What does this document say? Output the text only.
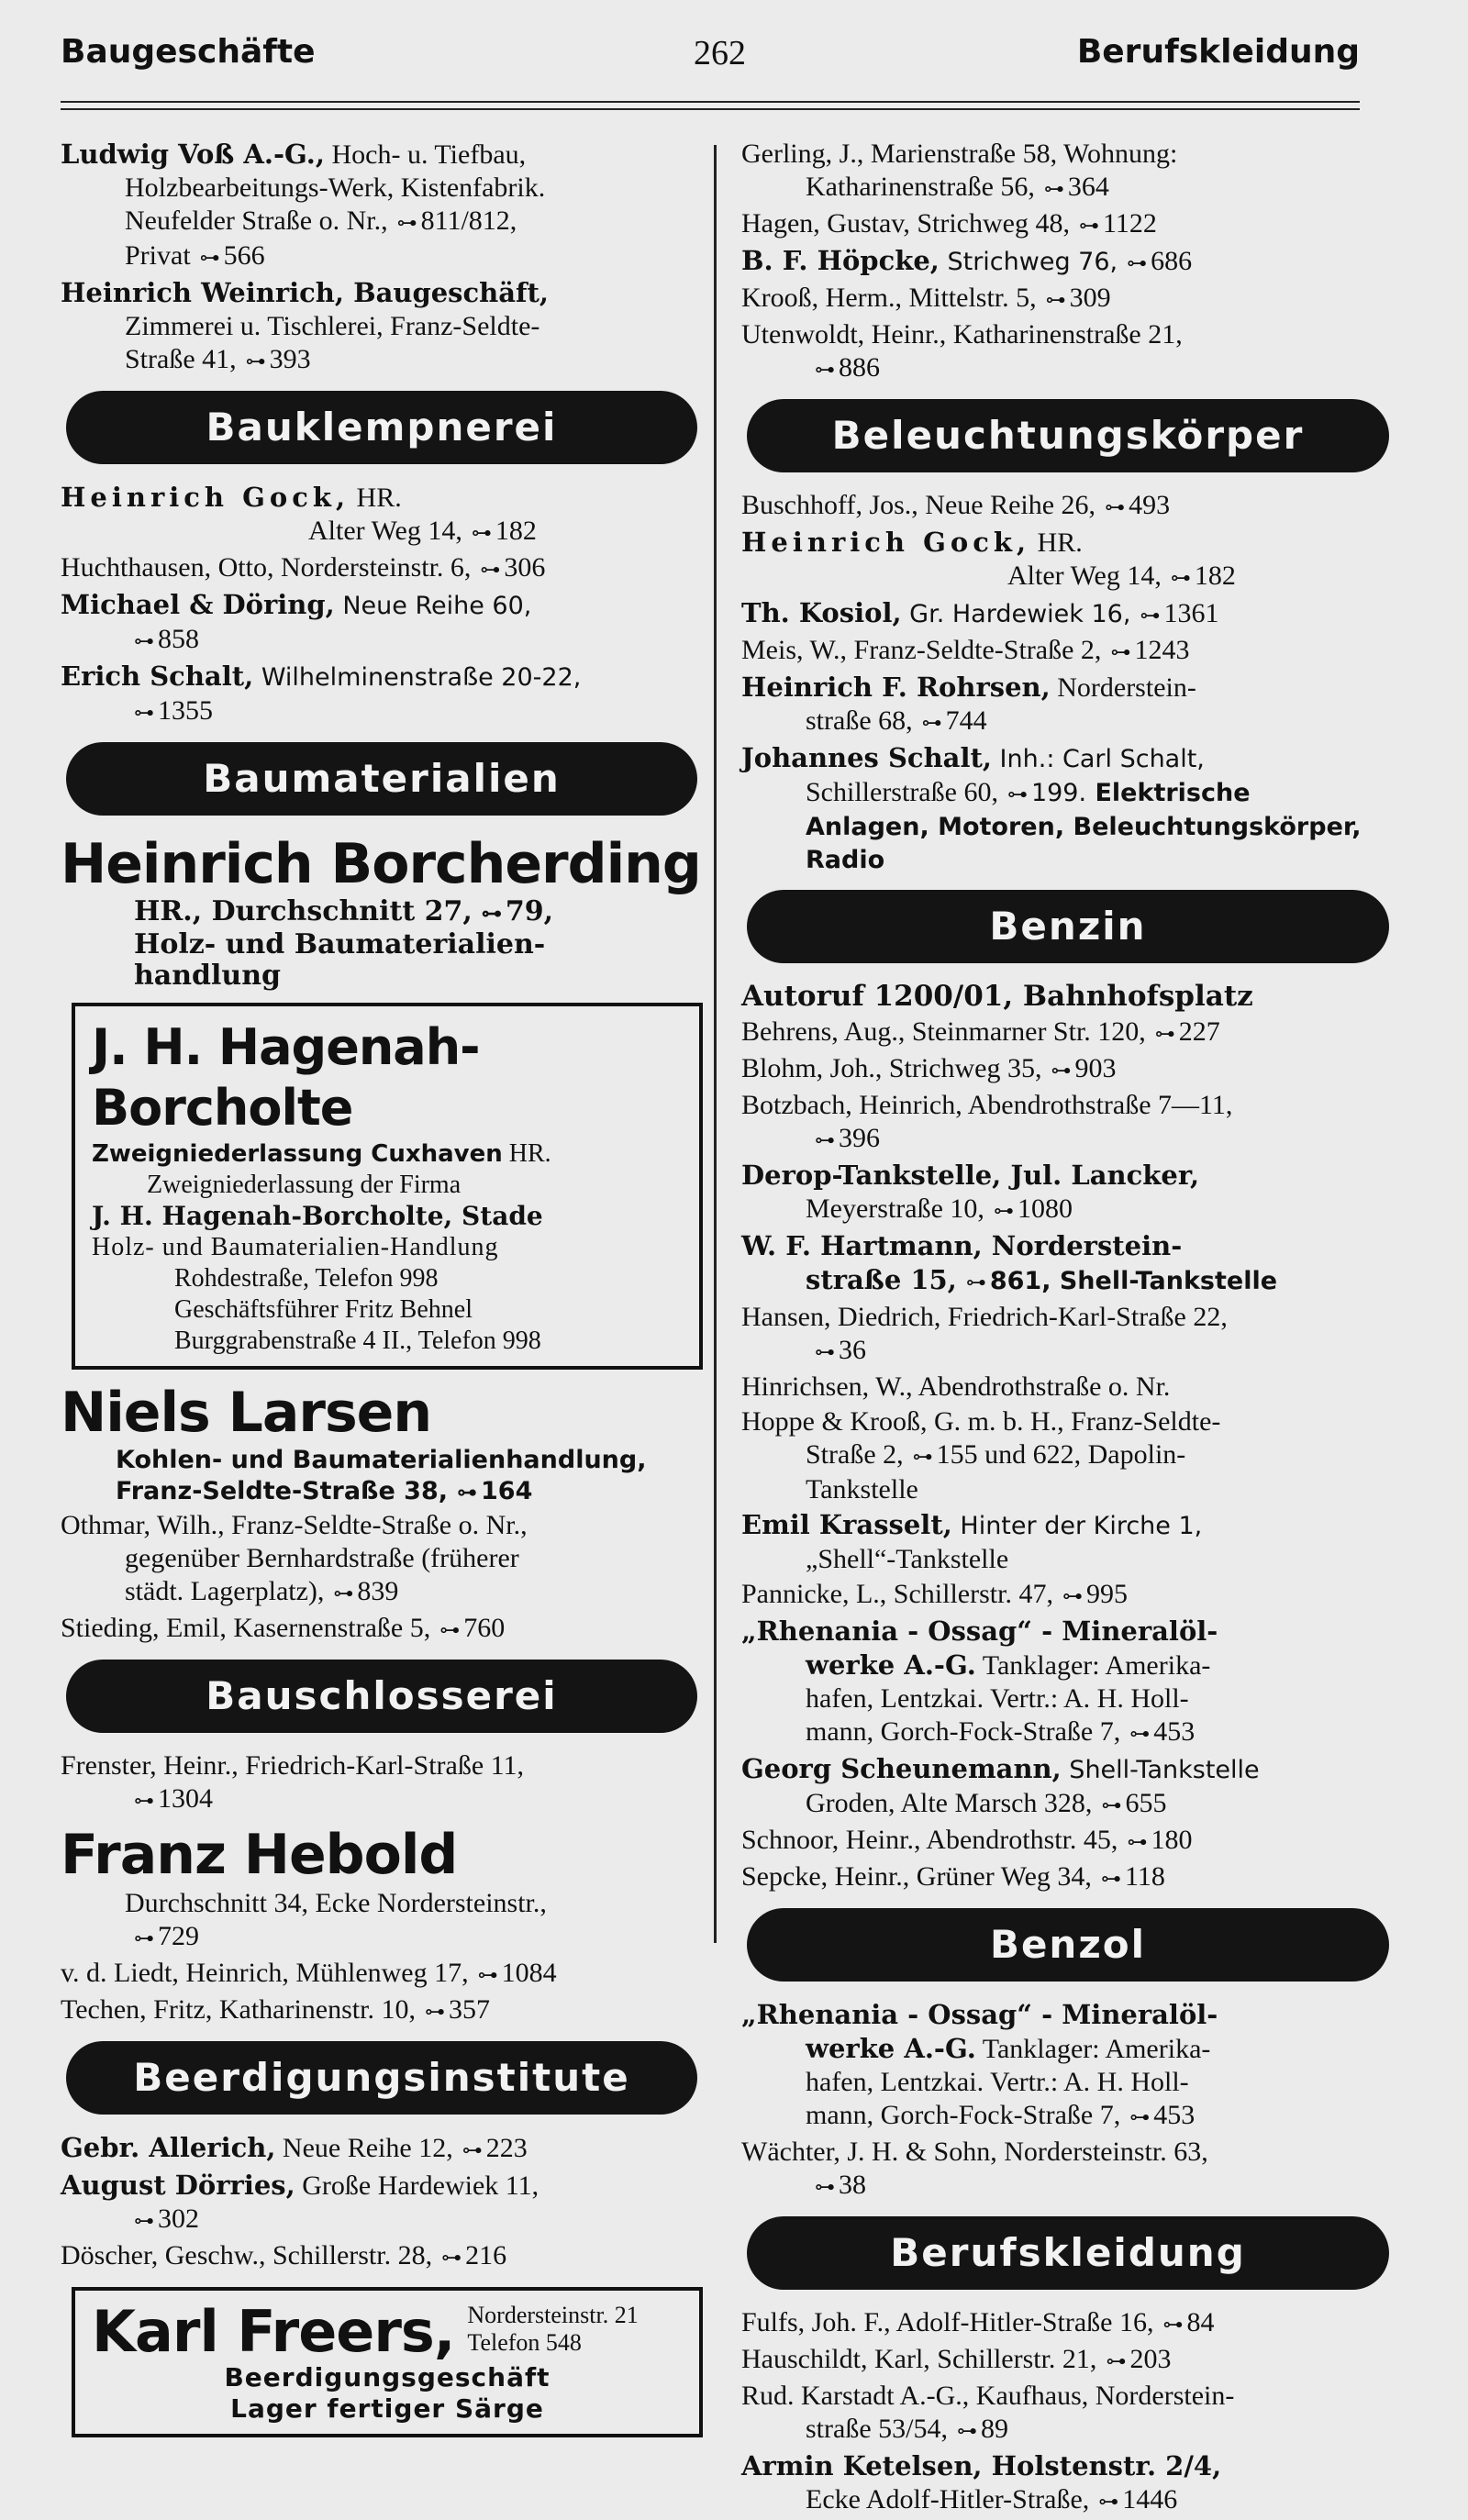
Baugeschäfte	262	Berufskleidung
Ludwig Voß A.-G., Hoch- u. Tiefbau,
Holzbearbeitungs-Werk, Kistenfabrik.
Neufelder Straße o. Nr., ⊶ 811/812,
Privat ⊶ 566
Heinrich Weinrich, Baugeschäft,
Zimmerei u. Tischlerei, Franz-Seldte-
Straße 41, ⊶ 393
Bauklempnerei
Heinrich Gock, HR.
Alter Weg 14, ⊶ 182
Huchthausen, Otto, Nordersteinstr. 6, ⊶ 306
Michael & Döring, Neue Reihe 60,
⊶ 858
Erich Schalt, Wilhelminenstraße 20-22,
⊶ 1355
Baumaterialien
Heinrich Borcherding
HR., Durchschnitt 27, ⊶ 79,
Holz- und Baumaterialien-
handlung
J. H. Hagenah-Borcholte
Zweigniederlassung Cuxhaven HR.
Zweigniederlassung der Firma
J. H. Hagenah-Borcholte, Stade
Holz- und Baumaterialien-Handlung
Rohdestraße, Telefon 998
Geschäftsführer Fritz Behnel
Burggrabenstraße 4 II., Telefon 998
Niels Larsen
Kohlen- und Baumaterialienhandlung,
Franz-Seldte-Straße 38, ⊶ 164
Othmar, Wilh., Franz-Seldte-Straße o. Nr.,
gegenüber Bernhardstraße (früherer
städt. Lagerplatz), ⊶ 839
Stieding, Emil, Kasernenstraße 5, ⊶ 760
Bauschlosserei
Frenster, Heinr., Friedrich-Karl-Straße 11,
⊶ 1304
Franz Hebold
Durchschnitt 34, Ecke Nordersteinstr.,
⊶ 729
v. d. Liedt, Heinrich, Mühlenweg 17, ⊶ 1084
Techen, Fritz, Katharinenstr. 10, ⊶ 357
Beerdigungsinstitute
Gebr. Allerich, Neue Reihe 12, ⊶ 223
August Dörries, Große Hardewiek 11,
⊶ 302
Döscher, Geschw., Schillerstr. 28, ⊶ 216
Karl Freers, Nordersteinstr. 21
Telefon 548
Beerdigungsgeschäft
Lager fertiger Särge
Gerling, J., Marienstraße 58, Wohnung:
Katharinenstraße 56, ⊶ 364
Hagen, Gustav, Strichweg 48, ⊶ 1122
B. F. Höpcke, Strichweg 76, ⊶ 686
Krooß, Herm., Mittelstr. 5, ⊶ 309
Utenwoldt, Heinr., Katharinenstraße 21,
⊶ 886
Beleuchtungskörper
Buschhoff, Jos., Neue Reihe 26, ⊶ 493
Heinrich Gock, HR.
Alter Weg 14, ⊶ 182
Th. Kosiol, Gr. Hardewiek 16, ⊶ 1361
Meis, W., Franz-Seldte-Straße 2, ⊶ 1243
Heinrich F. Rohrsen, Norderstein-
straße 68, ⊶ 744
Johannes Schalt, Inh.: Carl Schalt,
Schillerstraße 60, ⊶ 199. Elektrische
Anlagen, Motoren, Beleuchtungskörper,
Radio
Benzin
Autoruf 1200/01, Bahnhofsplatz
Behrens, Aug., Steinmarner Str. 120, ⊶ 227
Blohm, Joh., Strichweg 35, ⊶ 903
Botzbach, Heinrich, Abendrothstraße 7—11,
⊶ 396
Derop-Tankstelle, Jul. Lancker,
Meyerstraße 10, ⊶ 1080
W. F. Hartmann, Norderstein-
straße 15, ⊶ 861, Shell-Tankstelle
Hansen, Diedrich, Friedrich-Karl-Straße 22,
⊶ 36
Hinrichsen, W., Abendrothstraße o. Nr.
Hoppe & Krooß, G. m. b. H., Franz-Seldte-
Straße 2, ⊶ 155 und 622, Dapolin-
Tankstelle
Emil Krasselt, Hinter der Kirche 1,
„Shell“-Tankstelle
Pannicke, L., Schillerstr. 47, ⊶ 995
„Rhenania - Ossag“ - Mineralöl-
werke A.-G. Tanklager: Amerika-
hafen, Lentzkai. Vertr.: A. H. Holl-
mann, Gorch-Fock-Straße 7, ⊶ 453
Georg Scheunemann, Shell-Tankstelle
Groden, Alte Marsch 328, ⊶ 655
Schnoor, Heinr., Abendrothstr. 45, ⊶ 180
Sepcke, Heinr., Grüner Weg 34, ⊶ 118
Benzol
„Rhenania - Ossag“ - Mineralöl-
werke A.-G. Tanklager: Amerika-
hafen, Lentzkai. Vertr.: A. H. Holl-
mann, Gorch-Fock-Straße 7, ⊶ 453
Wächter, J. H. & Sohn, Nordersteinstr. 63,
⊶ 38
Berufskleidung
Fulfs, Joh. F., Adolf-Hitler-Straße 16, ⊶ 84
Hauschildt, Karl, Schillerstr. 21, ⊶ 203
Rud. Karstadt A.-G., Kaufhaus, Norderstein-
straße 53/54, ⊶ 89
Armin Ketelsen, Holstenstr. 2/4,
Ecke Adolf-Hitler-Straße, ⊶ 1446
